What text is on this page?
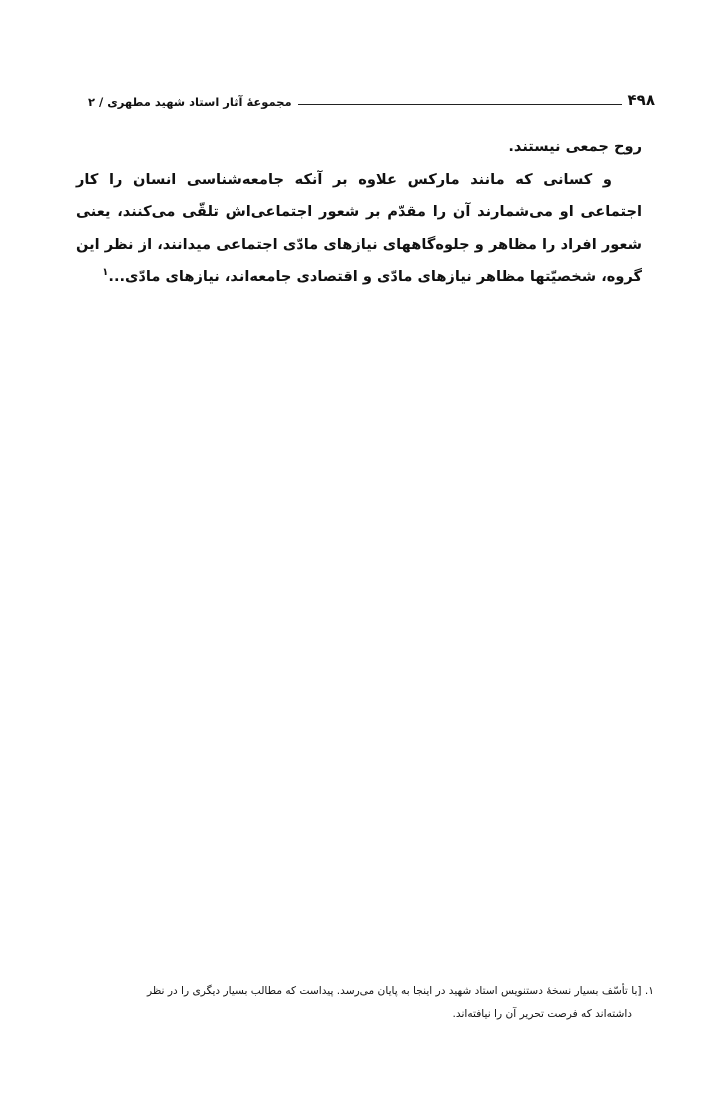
۴۹۸
مجموعهٔ آثار استاد شهید مطهری / ۲

روح جمعی نیستند.

و کسانی که مانند مارکس علاوه بر آنکه جامعه‌شناسی انسان را کار اجتماعی او می‌شمارند آن را مقدّم بر شعور اجتماعی‌اش تلقّی می‌کنند، یعنی شعور افراد را مظاهر و جلوه‌گاههای نیازهای مادّی اجتماعی میدانند، از نظر این گروه، شخصیّتها مظاهر نیازهای مادّی و اقتصادی جامعه‌اند، نیازهای مادّی...$^۱$

۱. [با تأسّف بسیار نسخهٔ دستنویس استاد شهید در اینجا به پایان می‌رسد. پیداست که مطالب بسیار دیگری را در نظر

داشته‌اند که فرصت تحریر آن را نیافته‌اند.
